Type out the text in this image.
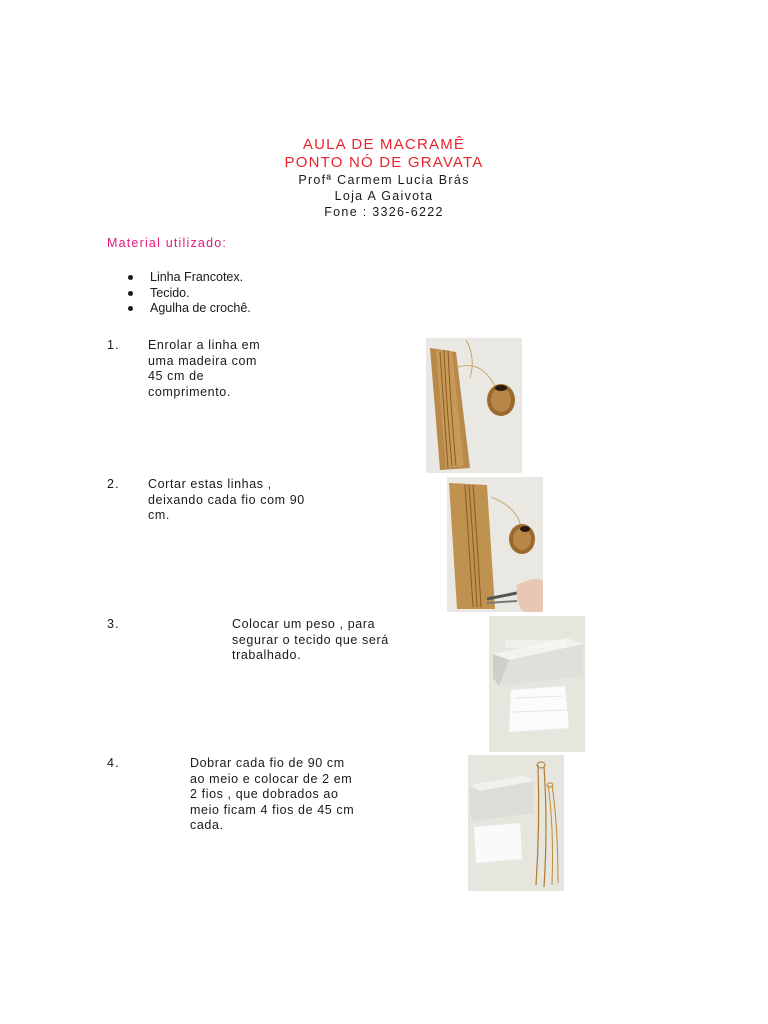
AULA DE MACRAMÊ
PONTO NÓ DE GRAVATA
Profª Carmem Lucia Brás
Loja A Gaivota
Fone : 3326-6222
Material utilizado:
Linha Francotex.
Tecido.
Agulha de crochê.
1. Enrolar a linha em
uma madeira com
45 cm de
comprimento.
2. Cortar estas linhas ,
deixando cada fio com 90
cm.
3.	Colocar um peso , para
segurar o tecido que será
trabalhado.
4.	Dobrar cada fio de 90 cm
ao meio e colocar de 2 em
2 fios , que dobrados ao
meio ficam 4 fios de 45 cm
cada.
